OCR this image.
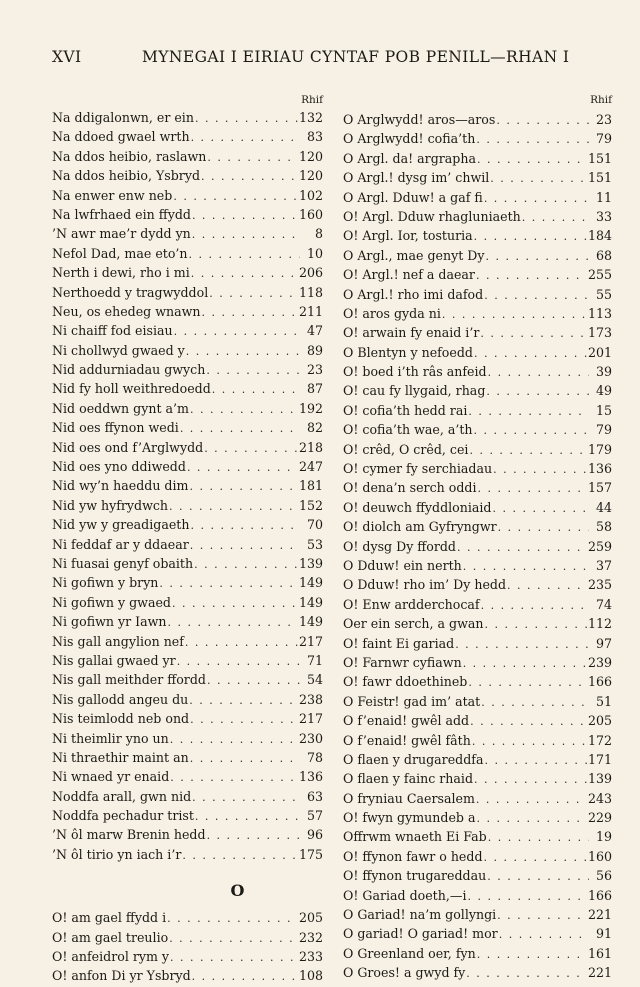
XVI	MYNEGAI I EIRIAU CYNTAF POB PENILL—RHAN I
Rhif
Na ddigalonwn, er ein . . .	132
Na ddoed gwael wrth . . .	83
Na ddos heibio, raslawn . . .	120
Na ddos heibio, Ysbryd . . .	120
Na enwer enw neb . . .	102
Na lwfrhaed ein ffydd . . .	160
’N awr mae’r dydd yn . . .	8
Nefol Dad, mae eto’n . . .	10
Nerth i dewi, rho i mi . . .	206
Nerthoedd y tragwyddol . . .	118
Neu, os ehedeg wnawn . . .	211
Ni chaiff fod eisiau . . .	47
Ni chollwyd gwaed y . . .	89
Nid addurniadau gwych . . .	23
Nid fy holl weithredoedd . . .	87
Nid oeddwn gynt a’m . . .	192
Nid oes ffynon wedi . . .	82
Nid oes ond f’Arglwydd . . .	218
Nid oes yno ddiwedd . . .	247
Nid wy’n haeddu dim . . .	181
Nid yw hyfrydwch . . .	152
Nid yw y greadigaeth . . .	70
Ni feddaf ar y ddaear . . .	53
Ni fuasai genyf obaith . . .	139
Ni gofiwn y bryn . . .	149
Ni gofiwn y gwaed . . .	149
Ni gofiwn yr Iawn . . .	149
Nis gall angylion nef . . .	217
Nis gallai gwaed yr . . .	71
Nis gall meithder ffordd . . .	54
Nis gallodd angeu du . . .	238
Nis teimlodd neb ond . . .	217
Ni theimlir yno un . . .	230
Ni thraethir maint an . . .	78
Ni wnaed yr enaid . . .	136
Noddfa arall, gwn nid . . .	63
Noddfa pechadur trist . . .	57
’N ôl marw Brenin hedd . . .	96
’N ôl tirio yn iach i’r . . .	175
O
O! am gael ffydd i . . .	205
O! am gael treulio . . .	232
O! anfeidrol rym y . . .	233
O! anfon Di yr Ysbryd . . .	108
Rhif
O Arglwydd! aros—aros . . .	23
O Arglwydd! cofia’th . . .	79
O Argl. da! argrapha . . .	151
O Argl.! dysg im’ chwil . . .	151
O Argl. Dduw! a gaf fi . . .	11
O! Argl. Dduw rhagluniaeth . . .	33
O! Argl. Ior, tosturia . . .	184
O Argl., mae genyt Dy . . .	68
O! Argl.! nef a daear . . .	255
O Argl.! rho imi dafod . . .	55
O! aros gyda ni . . .	113
O! arwain fy enaid i’r . . .	173
O Blentyn y nefoedd . . .	201
O! boed i’th râs anfeid . . .	39
O! cau fy llygaid, rhag . . .	49
O! cofia’th hedd rai . . .	15
O! cofia’th wae, a’th . . .	79
O! crêd, O crêd, cei . . .	179
O! cymer fy serchiadau . . .	136
O! dena’n serch oddi . . .	157
O! deuwch ffyddloniaid . . .	44
O! diolch am Gyfryngwr . . .	58
O! dysg Dy ffordd . . .	259
O Dduw! ein nerth . . .	37
O Dduw! rho im’ Dy hedd . . .	235
O! Enw ardderchocaf . . .	74
Oer ein serch, a gwan . . .	112
O! faint Ei gariad . . .	97
O! Farnwr cyfiawn . . .	239
O! fawr ddoethineb . . .	166
O Feistr! gad im’ atat . . .	51
O f’enaid! gwêl add . . .	205
O f’enaid! gwêl fâth . . .	172
O flaen y drugareddfa . . .	171
O flaen y fainc rhaid . . .	139
O fryniau Caersalem . . .	243
O! fwyn gymundeb a . . .	229
Offrwm wnaeth Ei Fab . . .	19
O! ffynon fawr o hedd . . .	160
O! ffynon trugareddau . . .	56
O! Gariad doeth,—i . . .	166
O Gariad! na’m gollyngi . . .	221
O gariad! O gariad! mor . . .	91
O Greenland oer, fyn . . .	161
O Groes! a gwyd fy . . .	221
